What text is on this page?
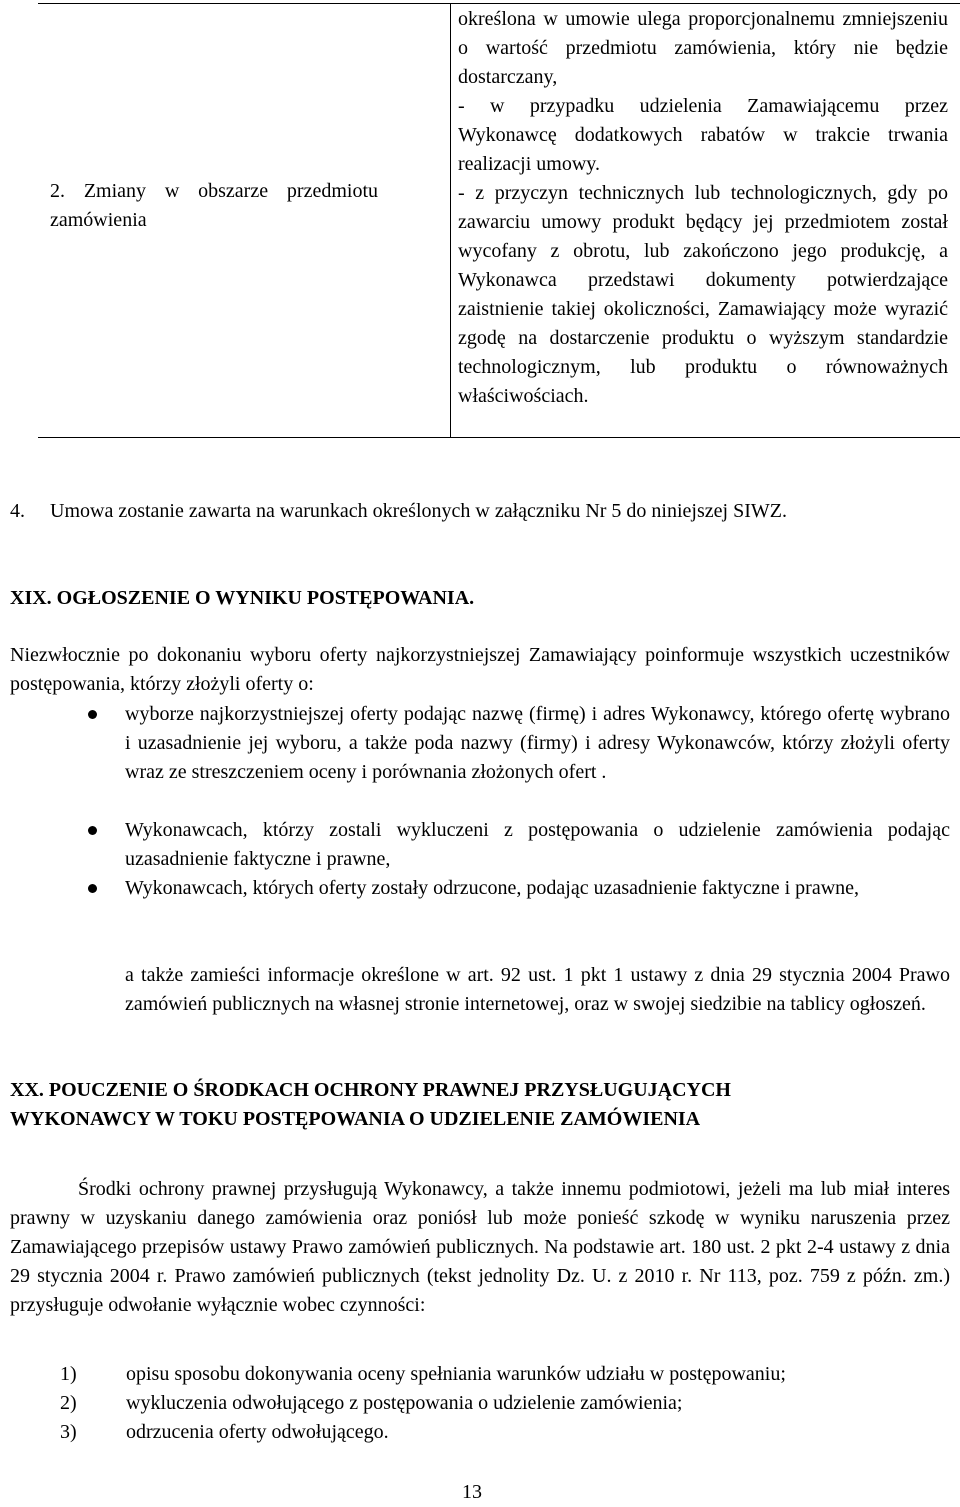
2. Zmiany w obszarze przedmiotu zamówienia
określona w umowie ulega proporcjonalnemu zmniejszeniu o wartość przedmiotu zamówienia, który nie będzie dostarczany,
- w przypadku udzielenia Zamawiającemu przez Wykonawcę dodatkowych rabatów w trakcie trwania realizacji umowy.
- z przyczyn technicznych lub technologicznych, gdy po zawarciu umowy produkt będący jej przedmiotem został wycofany z obrotu, lub zakończono jego produkcję, a Wykonawca przedstawi dokumenty potwierdzające zaistnienie takiej okoliczności, Zamawiający może wyrazić zgodę na dostarczenie produktu o wyższym standardzie technologicznym, lub produktu o równoważnych właściwościach.
4. Umowa zostanie zawarta na warunkach określonych w załączniku Nr 5 do niniejszej SIWZ.
XIX. OGŁOSZENIE O WYNIKU POSTĘPOWANIA.
Niezwłocznie po dokonaniu wyboru oferty najkorzystniejszej Zamawiający poinformuje wszystkich uczestników postępowania, którzy złożyli oferty o:
wyborze najkorzystniejszej oferty podając nazwę (firmę) i adres Wykonawcy, którego ofertę wybrano i uzasadnienie jej wyboru, a także poda nazwy (firmy) i adresy Wykonawców, którzy złożyli oferty wraz ze streszczeniem oceny i porównania złożonych ofert .
Wykonawcach, którzy zostali wykluczeni z postępowania o udzielenie zamówienia podając uzasadnienie faktyczne i prawne,
Wykonawcach, których oferty zostały odrzucone, podając uzasadnienie faktyczne i prawne,
a także zamieści informacje określone w art. 92 ust. 1 pkt 1 ustawy z dnia 29 stycznia 2004 Prawo zamówień publicznych na własnej stronie internetowej, oraz w swojej siedzibie na tablicy ogłoszeń.
XX. POUCZENIE O ŚRODKACH OCHRONY PRAWNEJ PRZYSŁUGUJĄCYCH
WYKONAWCY W TOKU POSTĘPOWANIA O UDZIELENIE ZAMÓWIENIA
Środki ochrony prawnej przysługują Wykonawcy, a także innemu podmiotowi, jeżeli ma lub miał interes prawny w uzyskaniu danego zamówienia oraz poniósł lub może ponieść szkodę w wyniku naruszenia przez Zamawiającego przepisów ustawy Prawo zamówień publicznych. Na podstawie art. 180 ust. 2 pkt 2-4 ustawy z dnia 29 stycznia 2004 r. Prawo zamówień publicznych (tekst jednolity Dz. U. z 2010 r. Nr 113, poz. 759 z późn. zm.) przysługuje odwołanie wyłącznie wobec czynności:
1) opisu sposobu dokonywania oceny spełniania warunków udziału w postępowaniu;
2) wykluczenia odwołującego z postępowania o udzielenie zamówienia;
3) odrzucenia oferty odwołującego.
13
